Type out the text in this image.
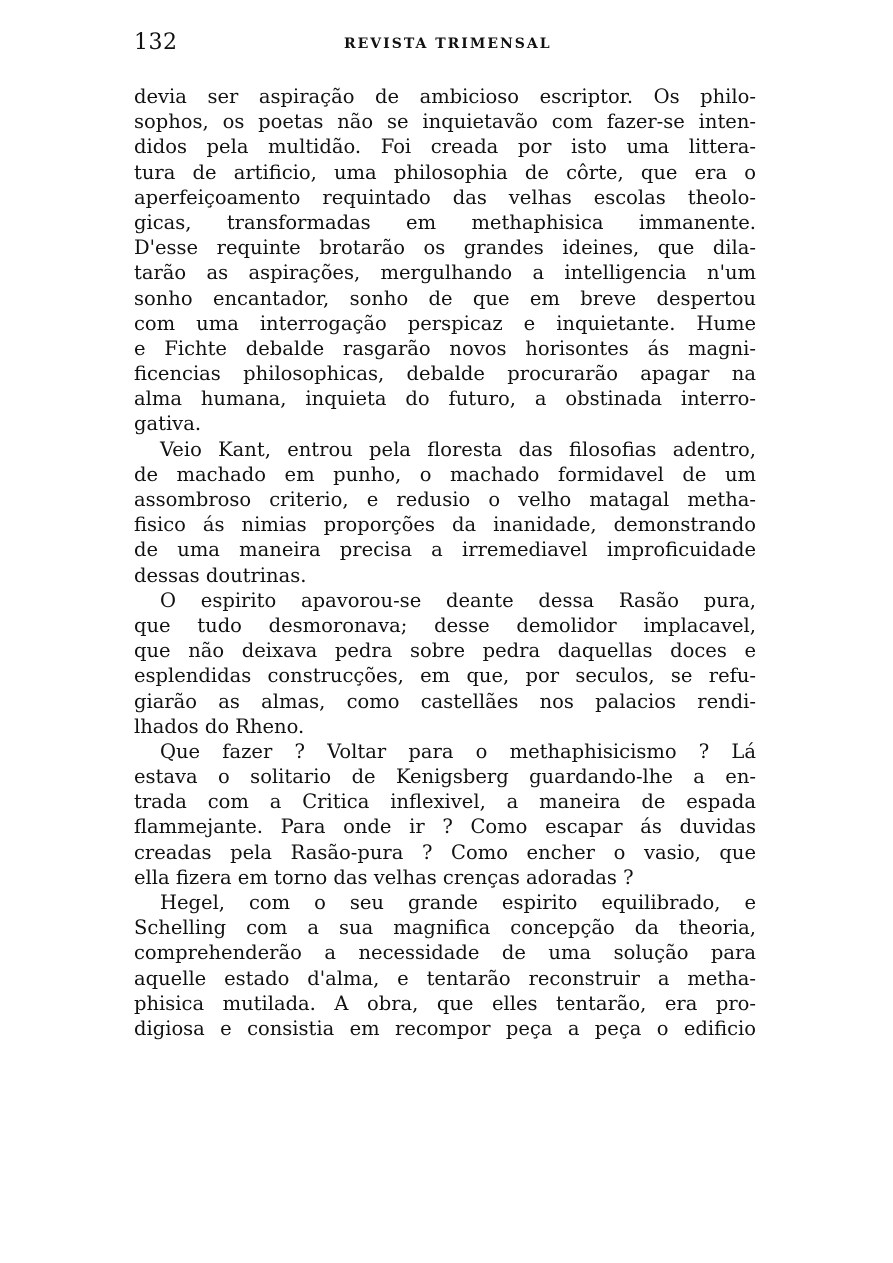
132	REVISTA TRIMENSAL
devia ser aspiração de ambicioso escriptor. Os philo-
sophos, os poetas não se inquietavão com fazer-se inten-
didos pela multidão. Foi creada por isto uma littera-
tura de artificio, uma philosophia de côrte, que era o
aperfeiçoamento requintado das velhas escolas theolo-
gicas, transformadas em methaphisica immanente.
D'esse requinte brotarão os grandes ideines, que dila-
tarão as aspirações, mergulhando a intelligencia n'um
sonho encantador, sonho de que em breve despertou
com uma interrogação perspicaz e inquietante. Hume
e Fichte debalde rasgarão novos horisontes ás magni-
ficencias philosophicas, debalde procurarão apagar na
alma humana, inquieta do futuro, a obstinada interro-
gativa.
Veio Kant, entrou pela floresta das filosofias adentro,
de machado em punho, o machado formidavel de um
assombroso criterio, e redusio o velho matagal metha-
fisico ás nimias proporções da inanidade, demonstrando
de uma maneira precisa a irremediavel improficuidade
dessas doutrinas.
O espirito apavorou-se deante dessa Rasão pura,
que tudo desmoronava; desse demolidor implacavel,
que não deixava pedra sobre pedra daquellas doces e
esplendidas construcções, em que, por seculos, se refu-
giarão as almas, como castellães nos palacios rendi-
lhados do Rheno.
Que fazer ? Voltar para o methaphisicismo ? Lá
estava o solitario de Kenigsberg guardando-lhe a en-
trada com a Critica inflexivel, a maneira de espada
flammejante. Para onde ir ? Como escapar ás duvidas
creadas pela Rasão-pura ? Como encher o vasio, que
ella fizera em torno das velhas crenças adoradas ?
Hegel, com o seu grande espirito equilibrado, e
Schelling com a sua magnifica concepção da theoria,
comprehenderão a necessidade de uma solução para
aquelle estado d'alma, e tentarão reconstruir a metha-
phisica mutilada. A obra, que elles tentarão, era pro-
digiosa e consistia em recompor peça a peça o edificio
